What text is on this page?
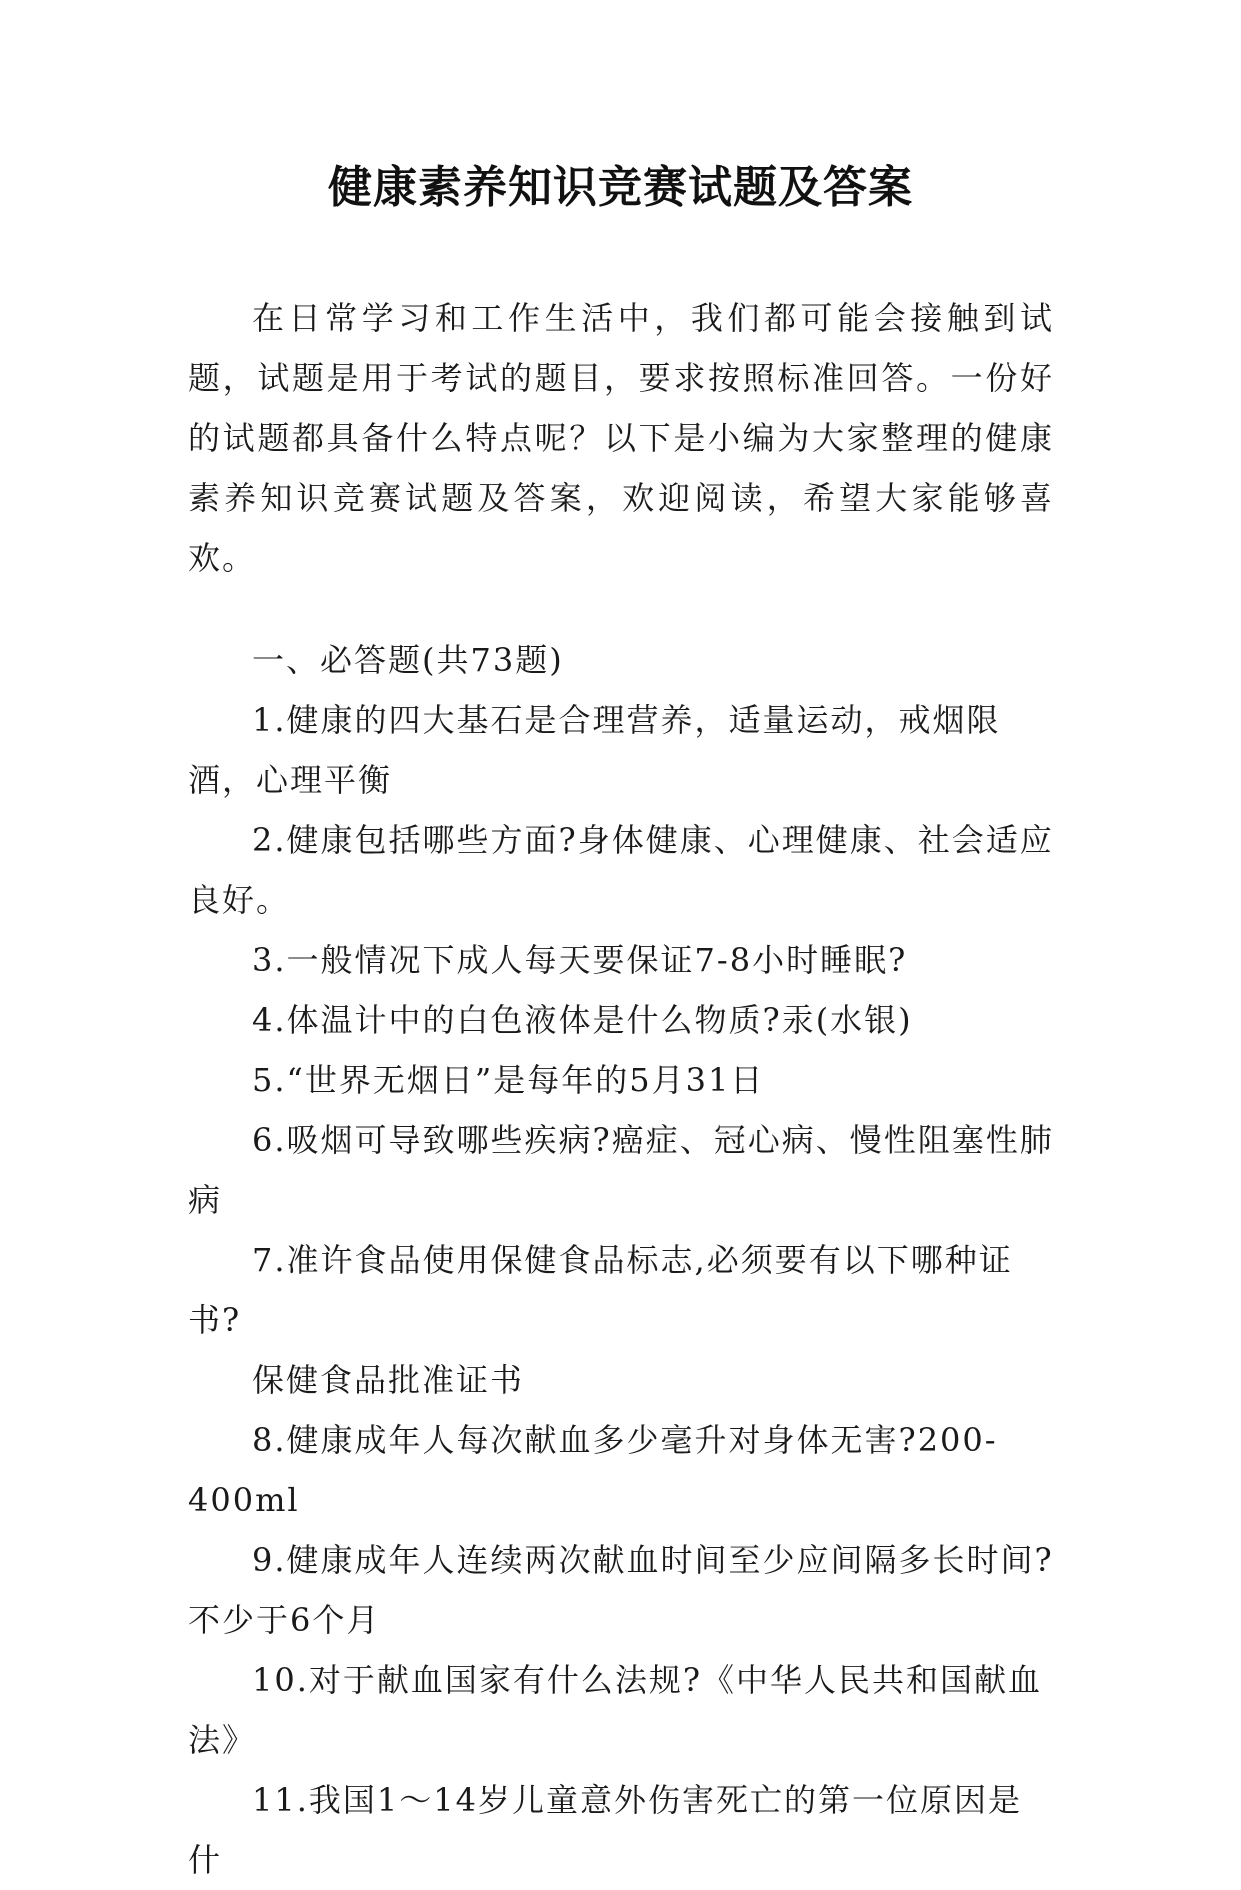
健康素养知识竞赛试题及答案

在日常学习和工作生活中，我们都可能会接触到试题，试题是用于考试的题目，要求按照标准回答。一份好的试题都具备什么特点呢？以下是小编为大家整理的健康素养知识竞赛试题及答案，欢迎阅读，希望大家能够喜欢。

一、必答题(共73题)

1.健康的四大基石是合理营养，适量运动，戒烟限酒，心理平衡

2.健康包括哪些方面?身体健康、心理健康、社会适应良好。

3.一般情况下成人每天要保证7-8小时睡眠?

4.体温计中的白色液体是什么物质?汞(水银)

5.“世界无烟日”是每年的5月31日

6.吸烟可导致哪些疾病?癌症、冠心病、慢性阻塞性肺病

7.准许食品使用保健食品标志,必须要有以下哪种证书?
保健食品批准证书

8.健康成年人每次献血多少毫升对身体无害?200-400ml

9.健康成年人连续两次献血时间至少应间隔多长时间?不少于6个月

10.对于献血国家有什么法规?《中华人民共和国献血法》

11.我国1～14岁儿童意外伤害死亡的第一位原因是什
